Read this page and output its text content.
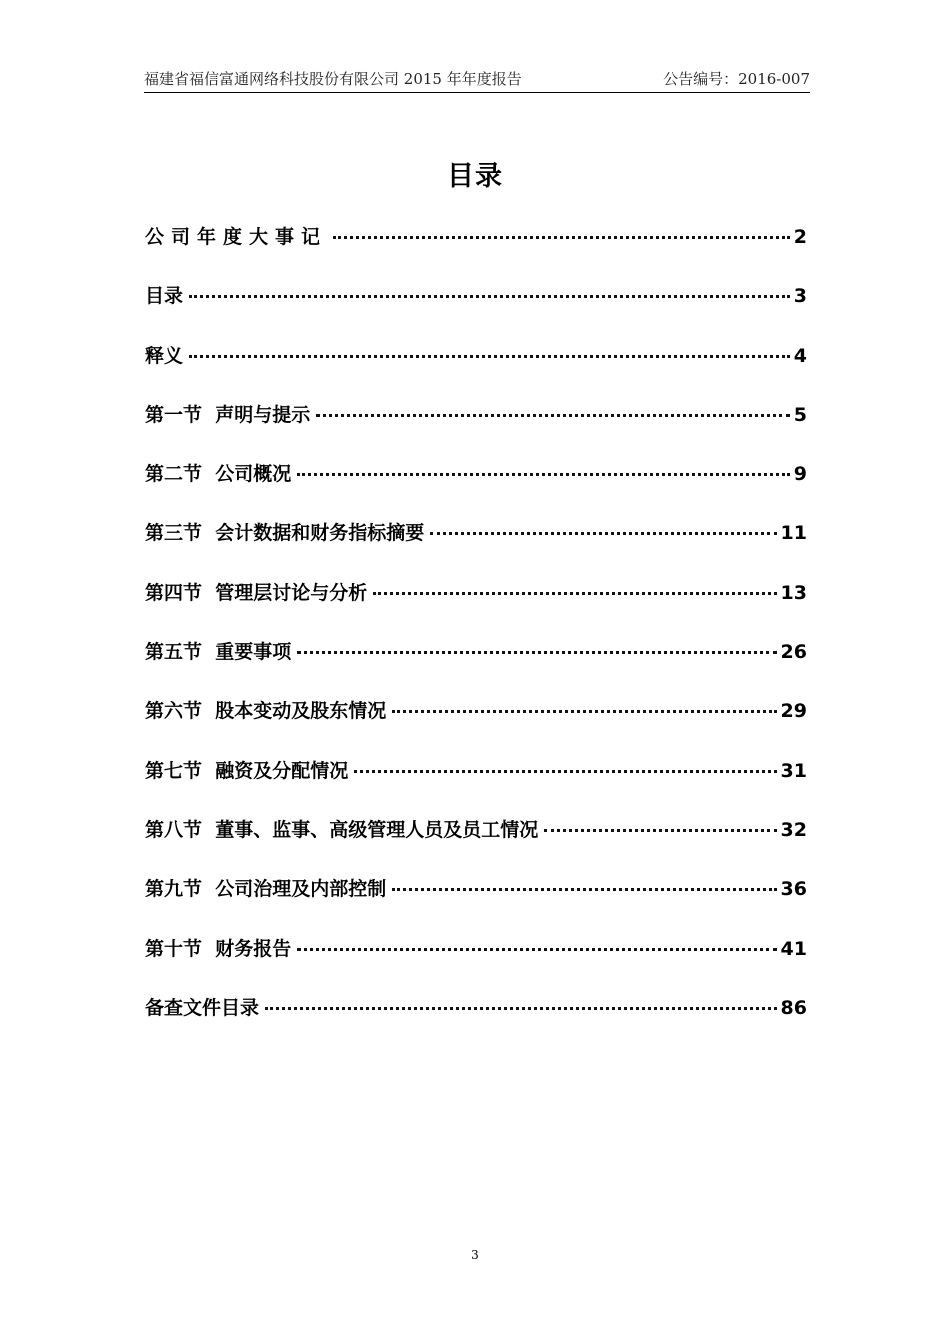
福建省福信富通网络科技股份有限公司 2015 年年度报告	公告编号：2016-007
目录
公司年度大事记	2
目录	3
释义	4
第一节  声明与提示	5
第二节  公司概况	9
第三节  会计数据和财务指标摘要	11
第四节  管理层讨论与分析	13
第五节  重要事项	26
第六节  股本变动及股东情况	29
第七节  融资及分配情况	31
第八节  董事、监事、高级管理人员及员工情况	32
第九节  公司治理及内部控制	36
第十节  财务报告	41
备查文件目录	86
3
